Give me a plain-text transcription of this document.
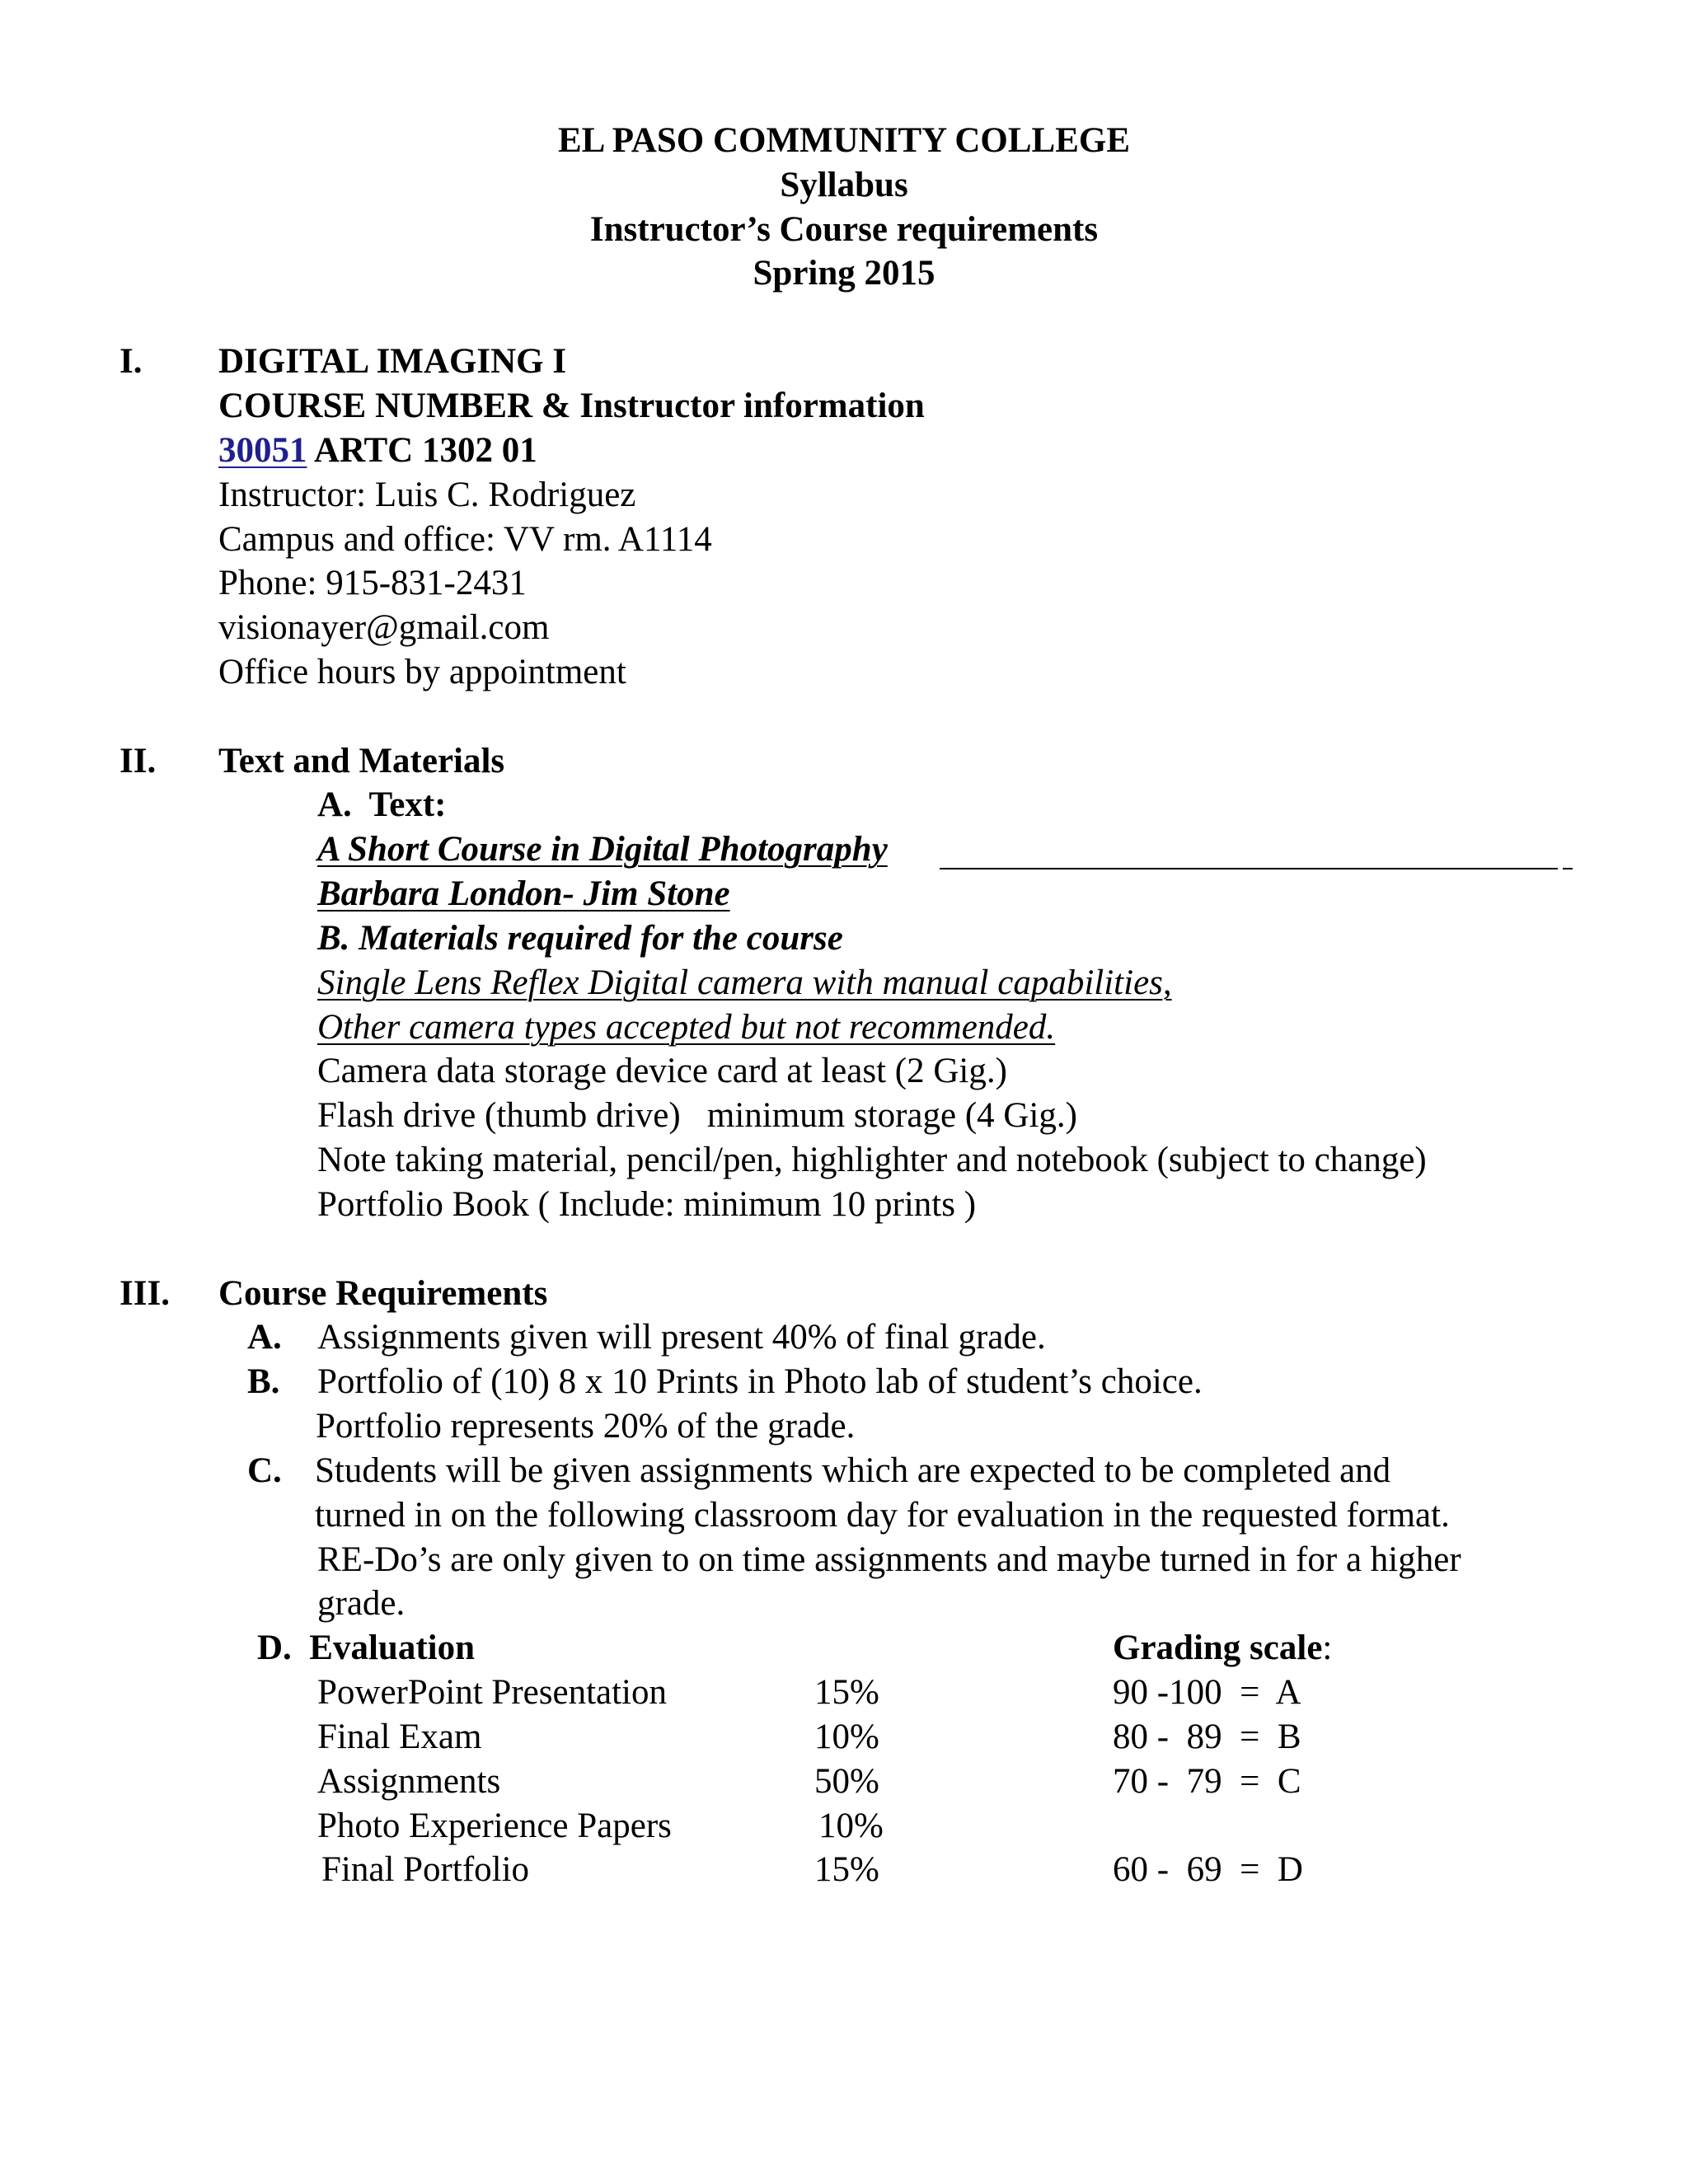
EL PASO COMMUNITY COLLEGE
Syllabus
Instructor’s Course requirements
Spring 2015
I. DIGITAL IMAGING I
COURSE NUMBER & Instructor information
30051 ARTC 1302 01
Instructor: Luis C. Rodriguez
Campus and office: VV rm. A1114
Phone: 915-831-2431
visionayer@gmail.com
Office hours by appointment
II. Text and Materials
A.  Text:
A Short Course in Digital Photography
Barbara London- Jim Stone
B. Materials required for the course
Single Lens Reflex Digital camera with manual capabilities,
Other camera types accepted but not recommended.
Camera data storage device card at least (2 Gig.)
Flash drive (thumb drive)   minimum storage (4 Gig.)
Note taking material, pencil/pen, highlighter and notebook (subject to change)
Portfolio Book ( Include: minimum 10 prints )
III. Course Requirements
A. Assignments given will present 40% of final grade.
B. Portfolio of (10) 8 x 10 Prints in Photo lab of student’s choice.
Portfolio represents 20% of the grade.
C. Students will be given assignments which are expected to be completed and
turned in on the following classroom day for evaluation in the requested format.
RE-Do’s are only given to on time assignments and maybe turned in for a higher
grade.
D.  Evaluation	Grading scale:
PowerPoint Presentation	15%	90 -100  =  A
Final Exam	10%	80 -  89  =  B
Assignments	50%	70 -  79  =  C
Photo Experience Papers	10%
Final Portfolio	15%	60 -  69  =  D
